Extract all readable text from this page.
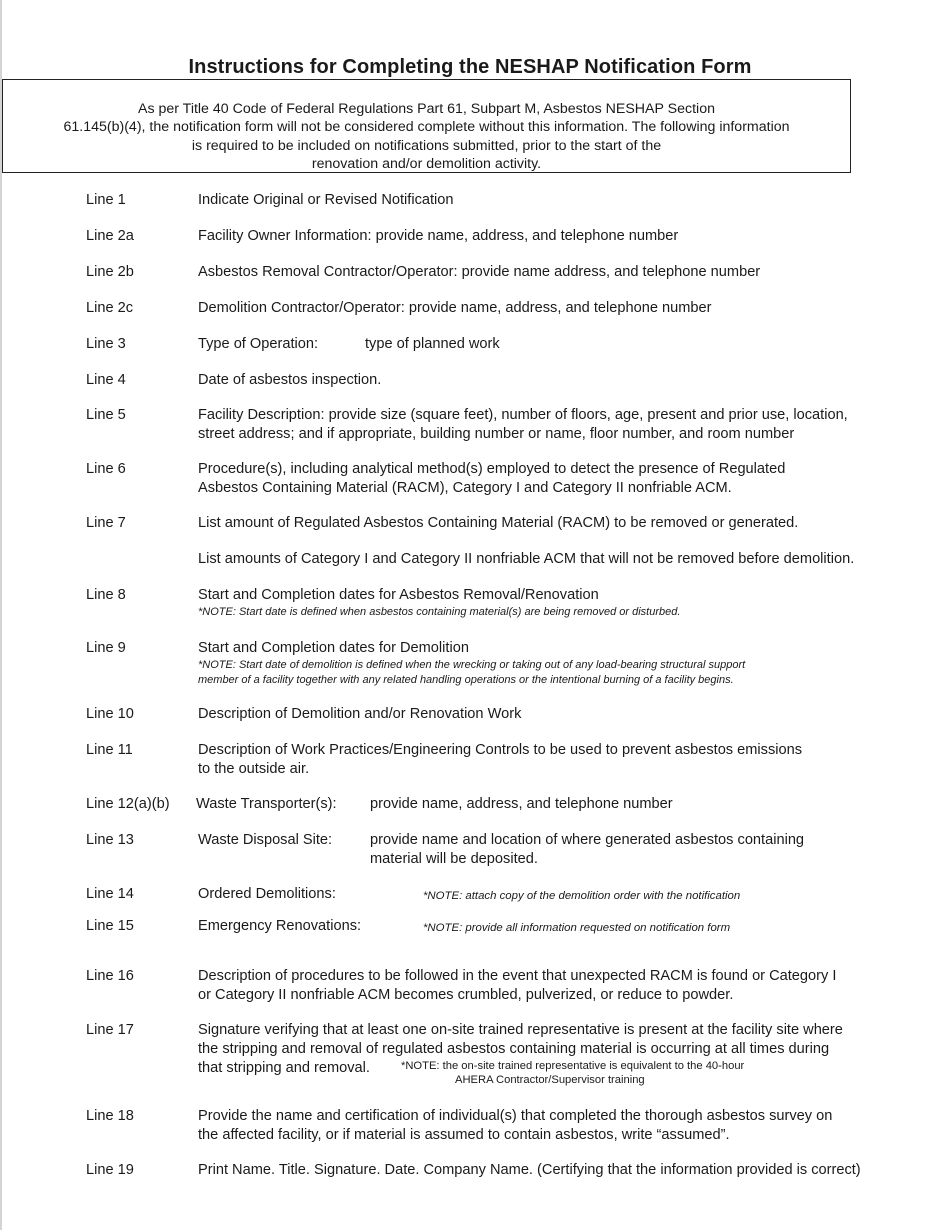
Instructions for Completing the NESHAP Notification Form
As per Title 40 Code of Federal Regulations Part 61, Subpart M, Asbestos NESHAP Section
61.145(b)(4), the notification form will not be considered complete without this information. The following information
is required to be included on notifications submitted, prior to the start of the
renovation and/or demolition activity.
Line 1	Indicate Original or Revised Notification
Line 2a	Facility Owner Information: provide name, address, and telephone number
Line 2b	Asbestos Removal Contractor/Operator: provide name address, and telephone number
Line 2c	Demolition Contractor/Operator: provide name, address, and telephone number
Line 3	Type of Operation:	type of planned work
Line 4	Date of asbestos inspection.
Line 5	Facility Description: provide size (square feet), number of floors, age, present and prior use, location,
street address; and if appropriate, building number or name, floor number, and room number
Line 6	Procedure(s), including analytical method(s) employed to detect the presence of Regulated
Asbestos Containing Material (RACM), Category I and Category II nonfriable ACM.
Line 7	List amount of Regulated Asbestos Containing Material (RACM) to be removed or generated.
List amounts of Category I and Category II nonfriable ACM that will not be removed before demolition.
Line 8	Start and Completion dates for Asbestos Removal/Renovation
*NOTE: Start date is defined when asbestos containing material(s) are being removed or disturbed.
Line 9	Start and Completion dates for Demolition
*NOTE: Start date of demolition is defined when the wrecking or taking out of any load-bearing structural support
member of a facility together with any related handling operations or the intentional burning of a facility begins.
Line 10	Description of Demolition and/or Renovation Work
Line 11	Description of Work Practices/Engineering Controls to be used to prevent asbestos emissions
to the outside air.
Line 12(a)(b) Waste Transporter(s): provide name, address, and telephone number
Line 13	Waste Disposal Site:	provide name and location of where generated asbestos containing
material will be deposited.
Line 14	Ordered Demolitions:	*NOTE: attach copy of the demolition order with the notification
Line 15	Emergency Renovations:	*NOTE: provide all information requested on notification form
Line 16	Description of procedures to be followed in the event that unexpected RACM is found or Category I
or Category II nonfriable ACM becomes crumbled, pulverized, or reduce to powder.
Line 17	Signature verifying that at least one on-site trained representative is present at the facility site where
the stripping and removal of regulated asbestos containing material is occurring at all times during
that stripping and removal.	*NOTE: the on-site trained representative is equivalent to the 40-hour
AHERA Contractor/Supervisor training
Line 18	Provide the name and certification of individual(s) that completed the thorough asbestos survey on
the affected facility, or if material is assumed to contain asbestos, write “assumed”.
Line 19	Print Name. Title. Signature. Date. Company Name. (Certifying that the information provided is correct)
